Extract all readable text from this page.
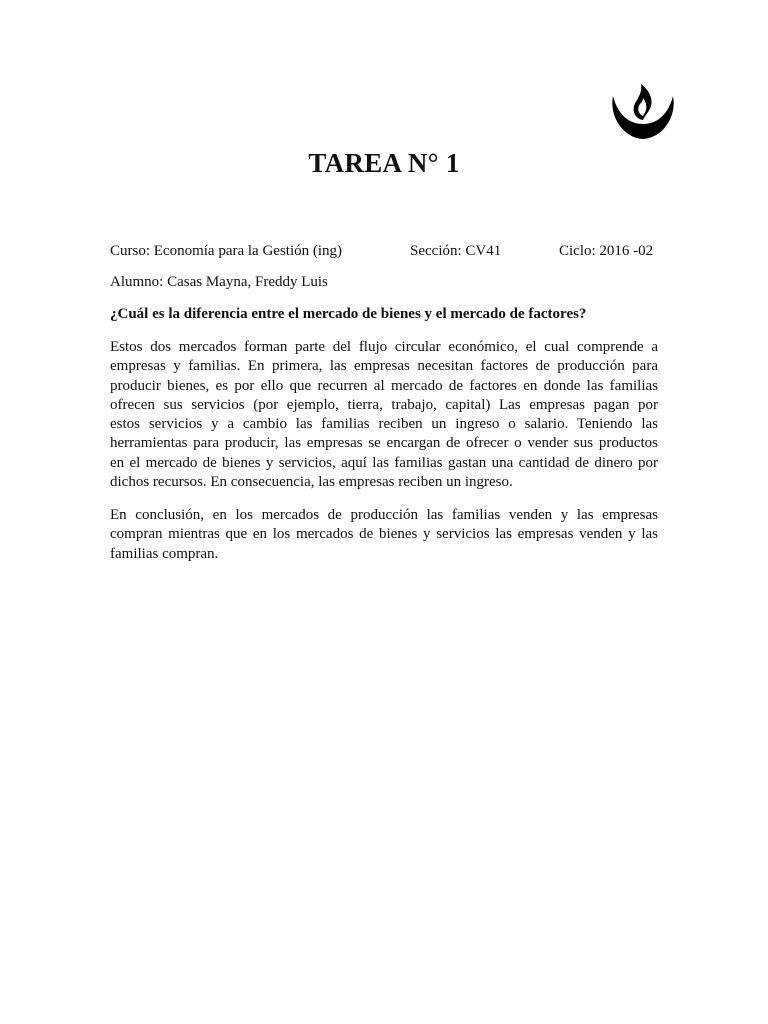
TAREA N° 1
Curso: Economía para la Gestión (ing)	Sección: CV41	Ciclo: 2016 -02
Alumno: Casas Mayna, Freddy Luis
¿Cuál es la diferencia entre el mercado de bienes y el mercado de factores?
Estos dos mercados forman parte del flujo circular económico, el cual comprende a
empresas y familias. En primera, las empresas necesitan factores de producción para
producir bienes, es por ello que recurren al mercado de factores en donde las familias
ofrecen sus servicios (por ejemplo, tierra, trabajo, capital) Las empresas pagan por
estos servicios y a cambio las familias reciben un ingreso o salario. Teniendo las
herramientas para producir, las empresas se encargan de ofrecer o vender sus productos
en el mercado de bienes y servicios, aquí las familias gastan una cantidad de dinero por
dichos recursos. En consecuencia, las empresas reciben un ingreso.
En conclusión, en los mercados de producción las familias venden y las empresas
compran mientras que en los mercados de bienes y servicios las empresas venden y las
familias compran.
